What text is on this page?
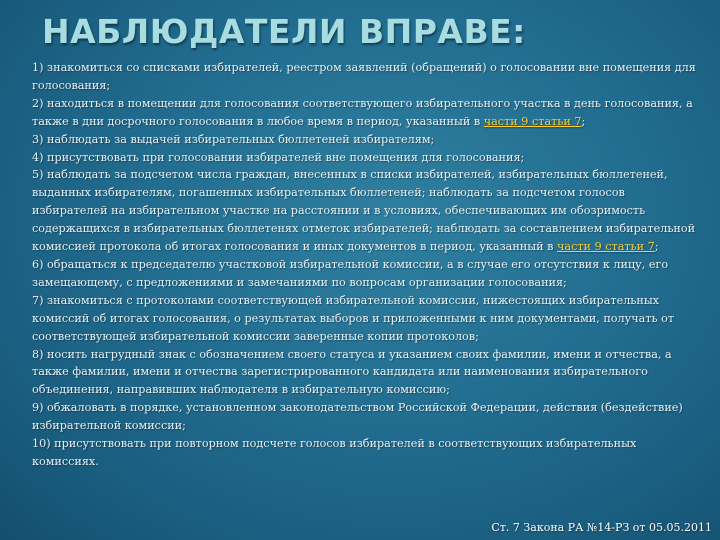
НАБЛЮДАТЕЛИ ВПРАВЕ:

1) знакомиться со списками избирателей, реестром заявлений (обращений) о голосовании вне помещения для голосования;

2) находиться в помещении для голосования соответствующего избирательного участка в день голосования, а также в дни досрочного голосования в любое время в период, указанный в части 9 статьи 7;

3) наблюдать за выдачей избирательных бюллетеней избирателям;

4) присутствовать при голосовании избирателей вне помещения для голосования;

5) наблюдать за подсчетом числа граждан, внесенных в списки избирателей, избирательных бюллетеней, выданных избирателям, погашенных избирательных бюллетеней; наблюдать за подсчетом голосов избирателей на избирательном участке на расстоянии и в условиях, обеспечивающих им обозримость содержащихся в избирательных бюллетенях отметок избирателей; наблюдать за составлением избирательной комиссией протокола об итогах голосования и иных документов в период, указанный в части 9 статьи 7;

6) обращаться к председателю участковой избирательной комиссии, а в случае его отсутствия к лицу, его замещающему, с предложениями и замечаниями по вопросам организации голосования;

7) знакомиться с протоколами соответствующей избирательной комиссии, нижестоящих избирательных комиссий об итогах голосования, о результатах выборов и приложенными к ним документами, получать от соответствующей избирательной комиссии заверенные копии протоколов;

8) носить нагрудный знак с обозначением своего статуса и указанием своих фамилии, имени и отчества, а также фамилии, имени и отчества зарегистрированного кандидата или наименования избирательного объединения, направивших наблюдателя в избирательную комиссию;

9) обжаловать в порядке, установленном законодательством Российской Федерации, действия (бездействие) избирательной комиссии;

10) присутствовать при повторном подсчете голосов избирателей в соответствующих избирательных комиссиях.

Ст. 7 Закона РА №14-РЗ от 05.05.2011
